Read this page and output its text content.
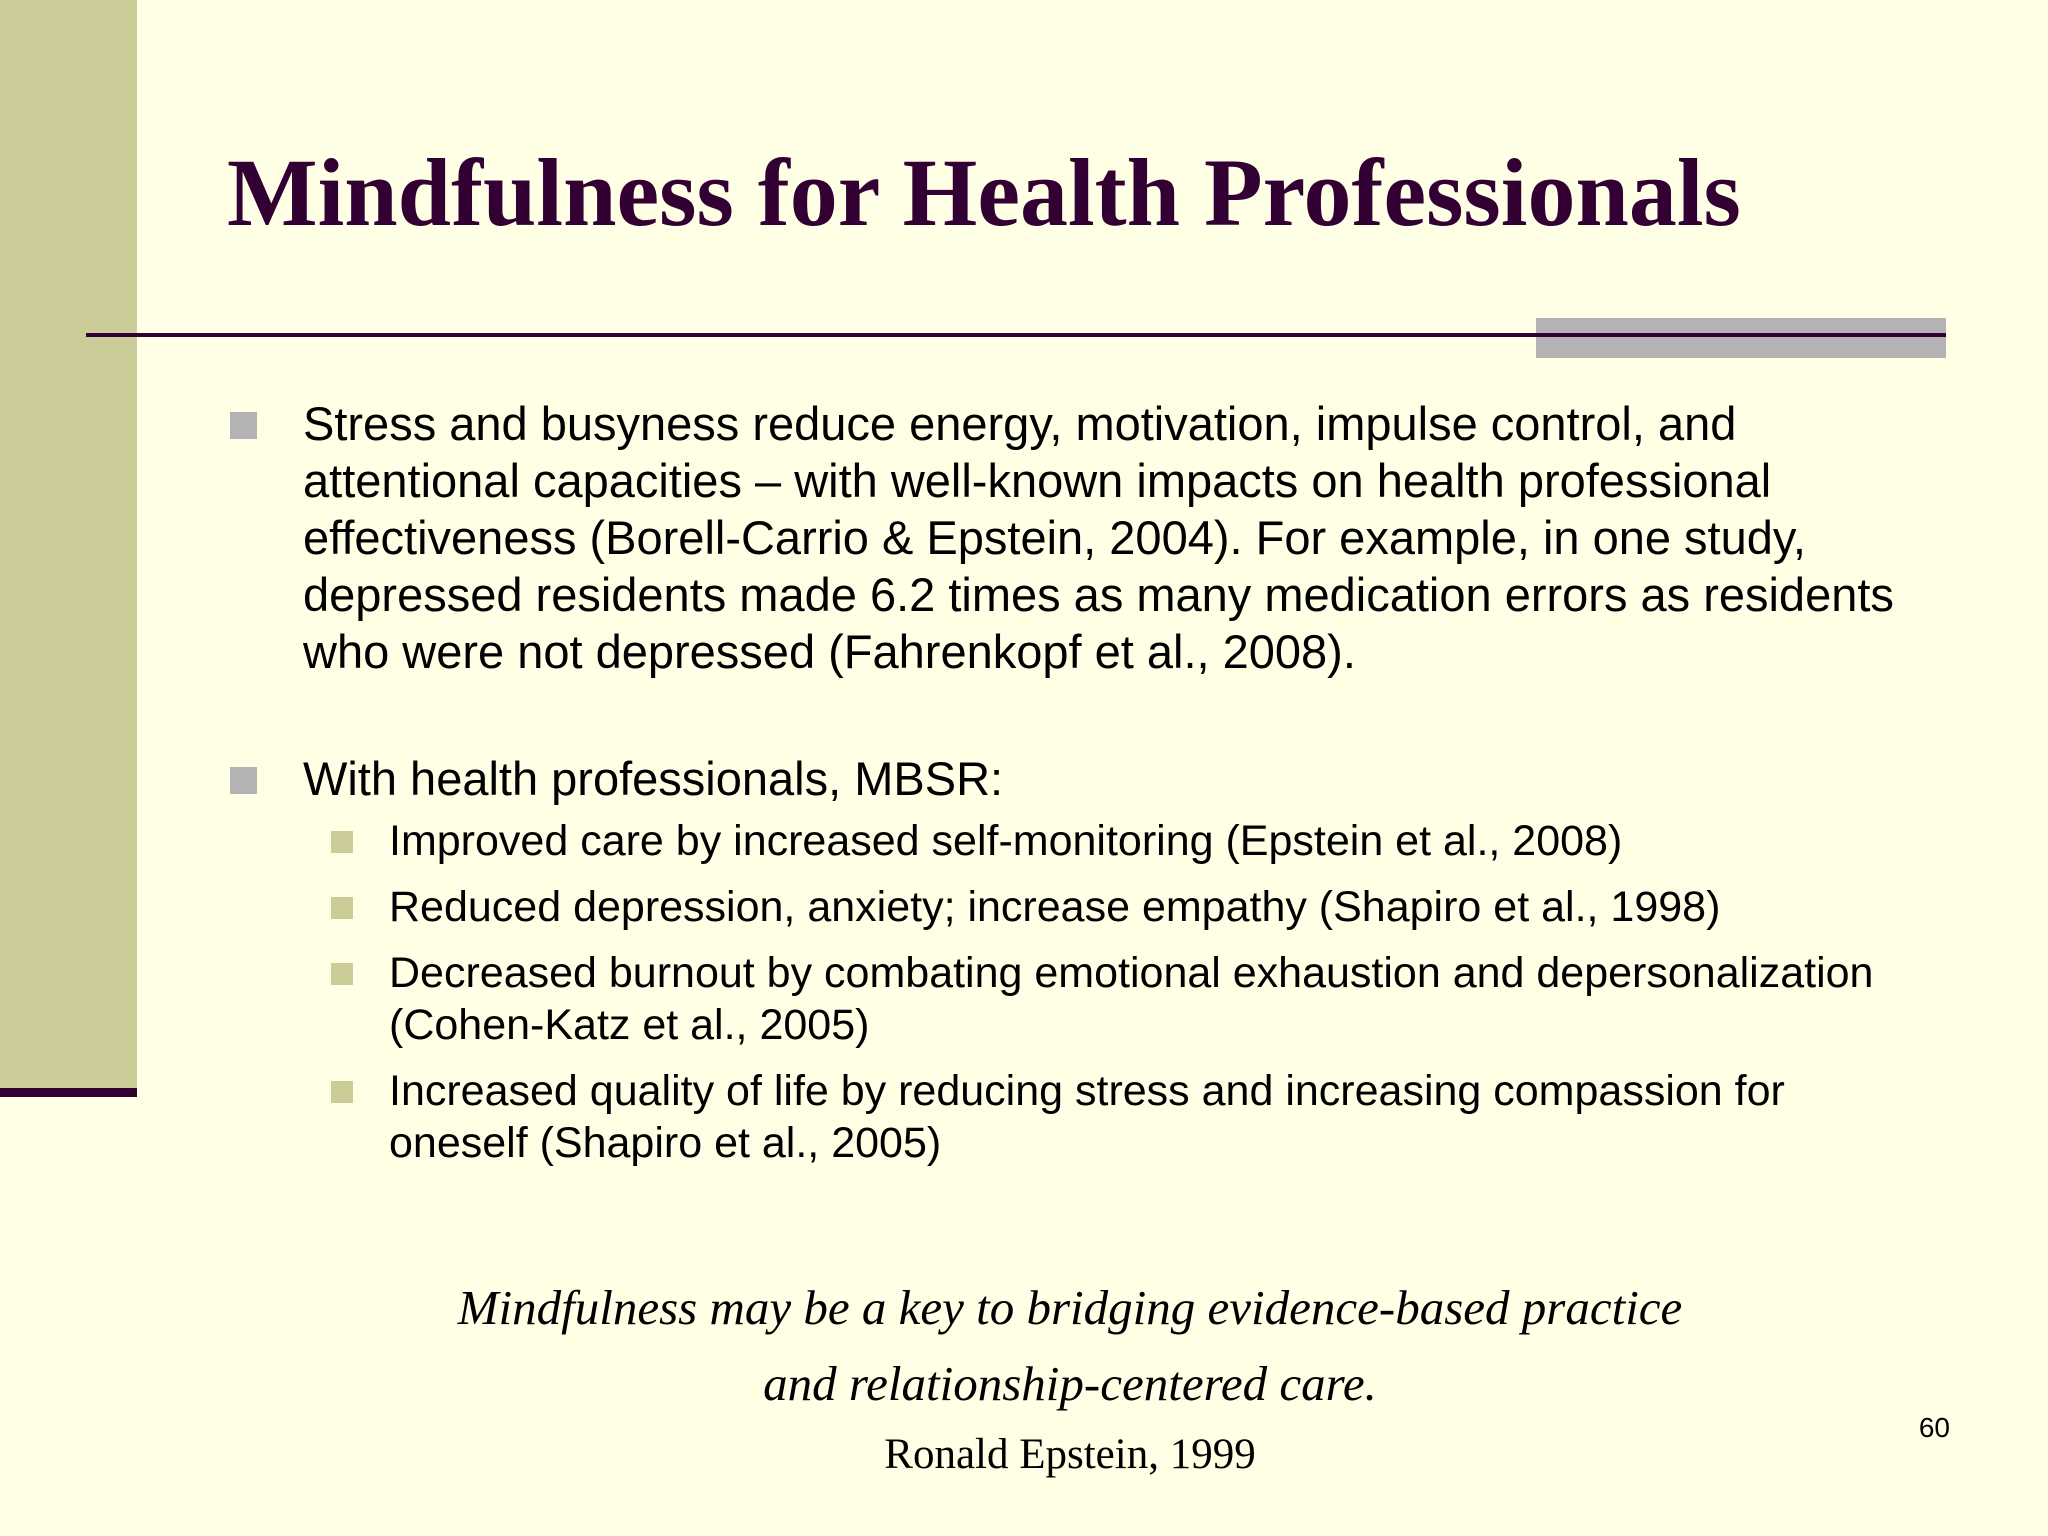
Mindfulness for Health Professionals
Stress and busyness reduce energy, motivation, impulse control, and attentional capacities – with well-known impacts on health professional effectiveness (Borell-Carrio & Epstein, 2004). For example, in one study, depressed residents made 6.2 times as many medication errors as residents who were not depressed (Fahrenkopf et al., 2008).
With health professionals, MBSR:
Improved care by increased self-monitoring (Epstein et al., 2008)
Reduced depression, anxiety; increase empathy (Shapiro et al., 1998)
Decreased burnout by combating emotional exhaustion and depersonalization (Cohen-Katz et al., 2005)
Increased quality of life by reducing stress and increasing compassion for oneself (Shapiro et al., 2005)
Mindfulness may be a key to bridging evidence-based practice
and relationship-centered care.
Ronald Epstein, 1999
60
